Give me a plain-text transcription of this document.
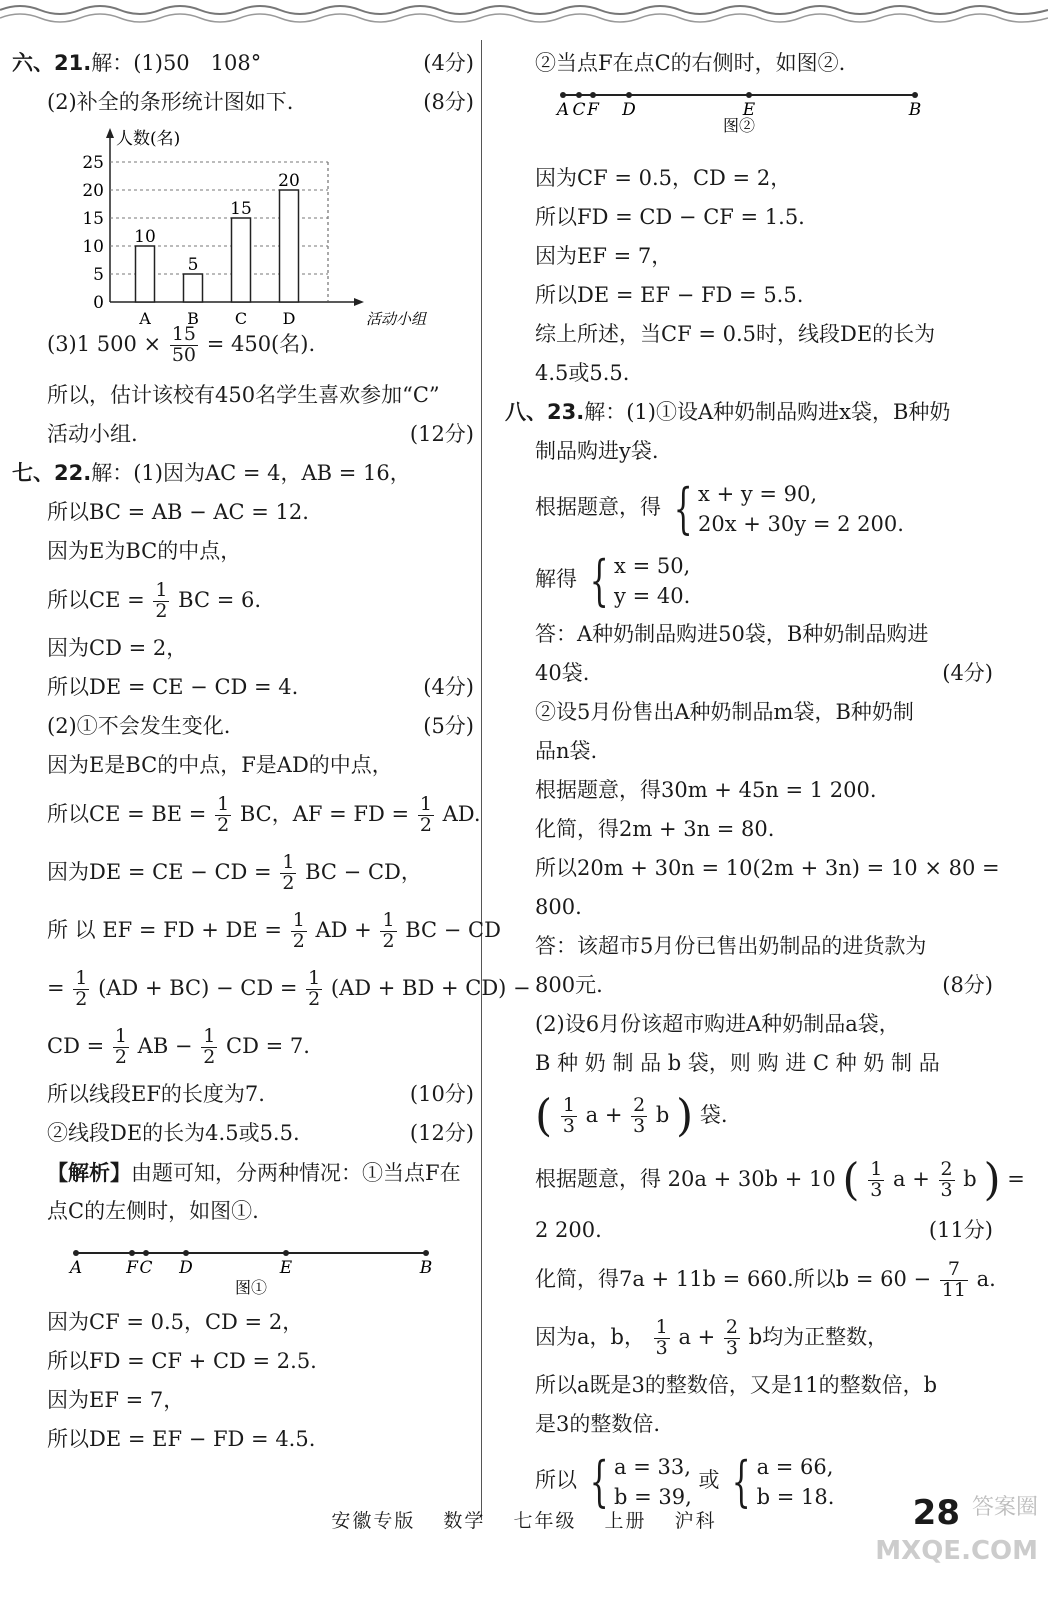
六、21.解：(1)50　108°	(4分)
(2)补全的条形统计图如下.	(8分)
人数(名)
活动小组
0
5
10
15
20
25
10
A
5
B
15
C
20
D
(3)1 $500 \times \frac{15}{50} = 450$(名).
所以，估计该校有450名学生喜欢参加“C”
活动小组.	(12分)
七、22.解：(1)因为AC = 4，AB = 16，
所以BC = AB − AC = 12.
因为E为BC的中点，
所以CE = $\frac{1}{2}$ BC = 6.
因为CD = 2，
所以DE = CE − CD = 4.	(4分)
(2)①不会发生变化.	(5分)
因为E是BC的中点，F是AD的中点，
所以CE = BE = $\frac{1}{2}$ BC，AF = FD = $\frac{1}{2}$ AD.
因为DE = CE − CD = $\frac{1}{2}$ BC − CD，
所 以 EF = FD + DE = $\frac{1}{2}$ AD + $\frac{1}{2}$ BC − CD
= $\frac{1}{2} (AD + BC)$ − CD = $\frac{1}{2} (AD$ + BD + CD) −
CD = $\frac{1}{2}$ AB − $\frac{1}{2}$ CD = 7.
所以线段EF的长度为7.	(10分)
②线段DE的长为4.5或5.5.	(12分)
【解析】由题可知，分两种情况：①当点F在
点C的左侧时，如图①.
A	F C D	E	B
图①
因为CF = 0.5，CD = 2，
所以FD = CF + CD = 2.5.
因为EF = 7，
所以DE = EF − FD = 4.5.
②当点F在点C的右侧时，如图②.
A C F D	E	B
图②
因为CF = 0.5，CD = 2，
所以FD = CD − CF = 1.5.
因为EF = 7，
所以DE = EF − FD = 5.5.
综上所述，当CF = 0.5时，线段DE的长为
4.5或5.5.
八、23.解：(1)①设A种奶制品购进x袋，B种奶
制品购进y袋.
根据题意，得 { x + y = 90,
20x + 30y = 2 200.
解得 { x = 50,
y = 40.
答：A种奶制品购进50袋，B种奶制品购进
40袋.	(4分)
②设5月份售出A种奶制品m袋，B种奶制
品n袋.
根据题意，得30m + 45n = 1 200.
化简，得2m + 3n = 80.
所以20m + 30n = 10(2m + 3n) = 10 × 80 =
800.
答：该超市5月份已售出奶制品的进货款为
800元.	(8分)
(2)设6月份该超市购进A种奶制品a袋，
B 种 奶 制 品 b 袋，则 购 进 C 种 奶 制 品
( $\frac{1}{3}$ $a + \frac{2}{3}$ b ) 袋.
根据题意，得 20a + 30b + 10 ( $\frac{1}{3}$ $a + \frac{2}{3}$ b ) =
2 200.	(11分)
化简，得7a + 11b = 660.所以$b = 60 - \frac{7}{11} a$.
因为a，b， $\frac{1}{3}$ $a + \frac{2}{3}$ b均为正整数，
所以a既是3的整数倍，又是11的整数倍，b
是3的整数倍.
所以 { a = 33,
b = 39,
或 { a = 66,
b = 18.
安徽专版 数学 七年级 上册 沪科	28 答案圈
MXQE.COM
